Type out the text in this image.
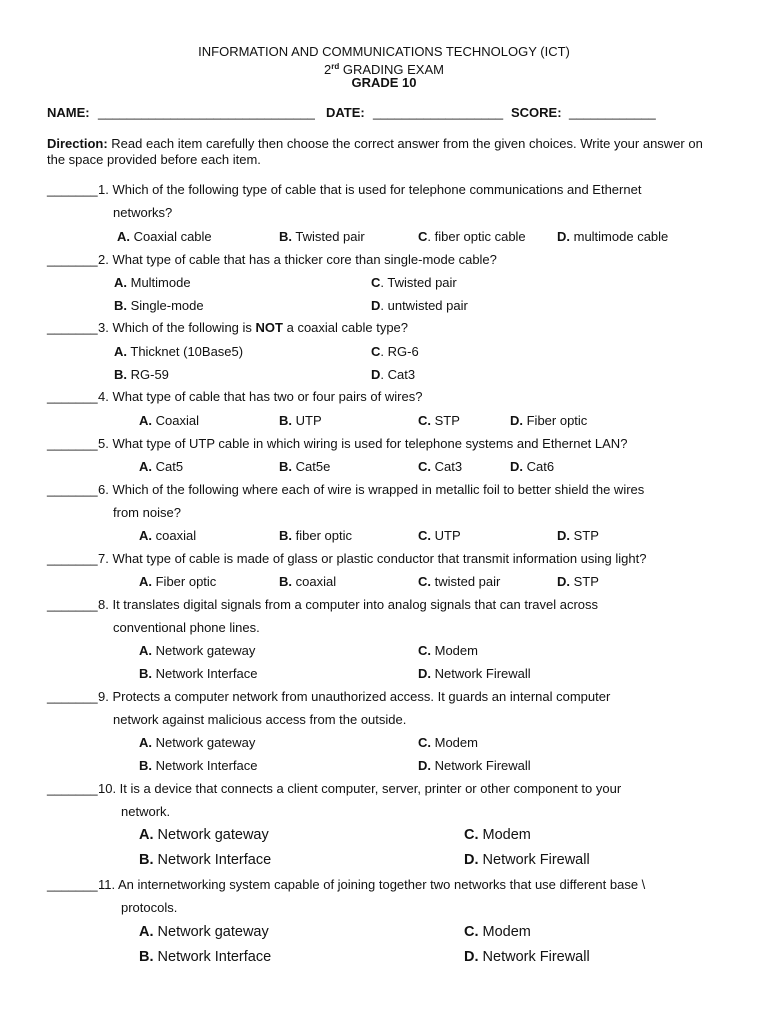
INFORMATION AND COMMUNICATIONS TECHNOLOGY (ICT)
2rd GRADING EXAM
GRADE 10
NAME: ______________________________ DATE: __________________ SCORE: ____________
Direction: Read each item carefully then choose the correct answer from the given choices. Write your answer on the space provided before each item.
_______ 1. Which of the following type of cable that is used for telephone communications and Ethernet
networks?
A. Coaxial cable	B. Twisted pair	C. fiber optic cable D. multimode cable
_______ 2. What type of cable that has a thicker core than single-mode cable?
A. Multimode	C. Twisted pair
B. Single-mode	D. untwisted pair
_______ 3. Which of the following is NOT a coaxial cable type?
A. Thicknet (10Base5)	C. RG-6
B. RG-59	D. Cat3
_______ 4. What type of cable that has two or four pairs of wires?
A. Coaxial	B. UTP	C. STP	D. Fiber optic
_______ 5. What type of UTP cable in which wiring is used for telephone systems and Ethernet LAN?
A. Cat5	B. Cat5e	C. Cat3	D. Cat6
_______ 6. Which of the following where each of wire is wrapped in metallic foil to better shield the wires
from noise?
A. coaxial	B. fiber optic	C. UTP	D. STP
_______ 7. What type of cable is made of glass or plastic conductor that transmit information using light?
A. Fiber optic	B. coaxial	C. twisted pair	D. STP
_______ 8. It translates digital signals from a computer into analog signals that can travel across
conventional phone lines.
A. Network gateway	C. Modem
B. Network Interface	D. Network Firewall
_______ 9. Protects a computer network from unauthorized access. It guards an internal computer
network against malicious access from the outside.
A. Network gateway	C. Modem
B. Network Interface	D. Network Firewall
_______ 10. It is a device that connects a client computer, server, printer or other component to your
network.
A. Network gateway	C. Modem
B. Network Interface	D. Network Firewall
_______ 11. An internetworking system capable of joining together two networks that use different base \
protocols.
A. Network gateway	C. Modem
B. Network Interface	D. Network Firewall
